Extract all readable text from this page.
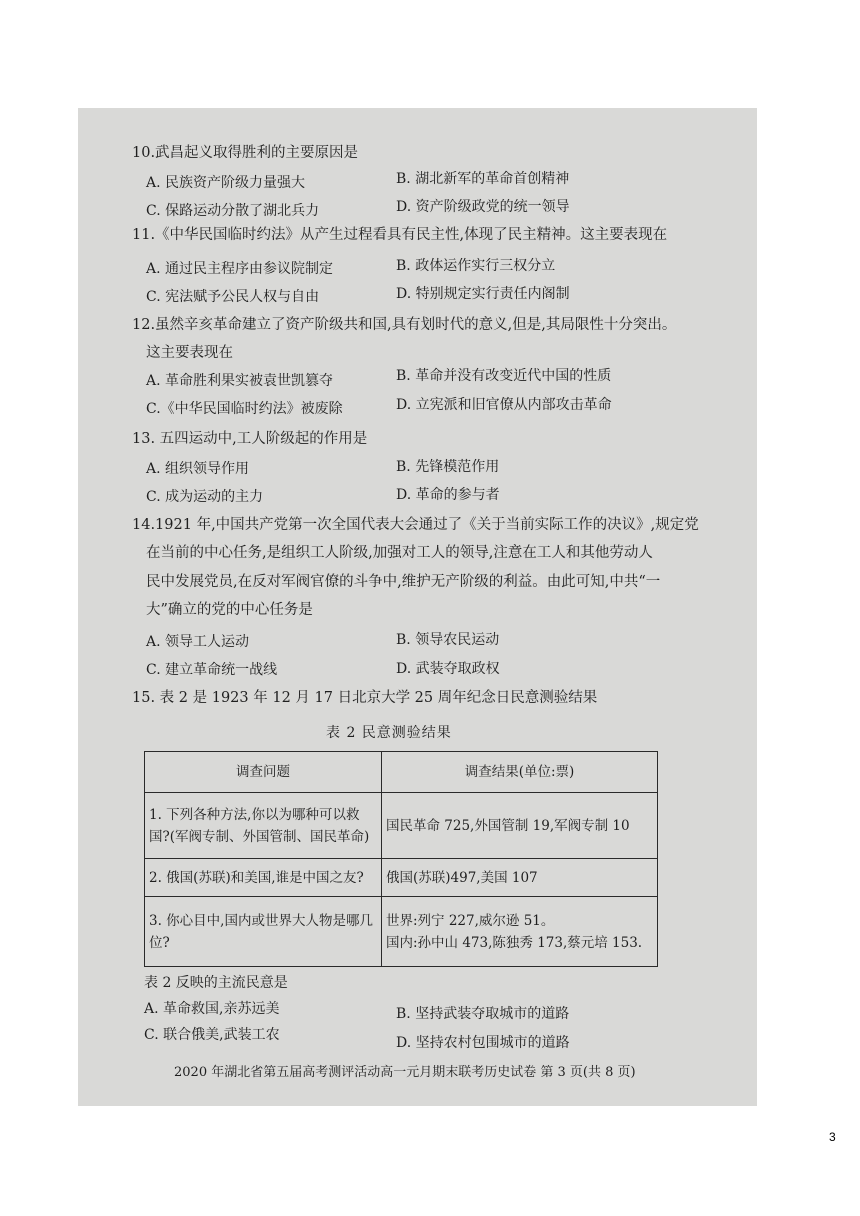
10.武昌起义取得胜利的主要原因是
A. 民族资产阶级力量强大	B. 湖北新军的革命首创精神
C. 保路运动分散了湖北兵力	D. 资产阶级政党的统一领导
11.《中华民国临时约法》从产生过程看具有民主性,体现了民主精神。这主要表现在
A. 通过民主程序由参议院制定	B. 政体运作实行三权分立
C. 宪法赋予公民人权与自由	D. 特别规定实行责任内阁制
12.虽然辛亥革命建立了资产阶级共和国,具有划时代的意义,但是,其局限性十分突出。
这主要表现在
A. 革命胜利果实被袁世凯篡夺	B. 革命并没有改变近代中国的性质
C.《中华民国临时约法》被废除	D. 立宪派和旧官僚从内部攻击革命
13. 五四运动中,工人阶级起的作用是
A. 组织领导作用	B. 先锋模范作用
C. 成为运动的主力	D. 革命的参与者
14.1921 年,中国共产党第一次全国代表大会通过了《关于当前实际工作的决议》,规定党
在当前的中心任务,是组织工人阶级,加强对工人的领导,注意在工人和其他劳动人
民中发展党员,在反对军阀官僚的斗争中,维护无产阶级的利益。由此可知,中共“一
大”确立的党的中心任务是
A. 领导工人运动	B. 领导农民运动
C. 建立革命统一战线	D. 武装夺取政权
15. 表 2 是 1923 年 12 月 17 日北京大学 25 周年纪念日民意测验结果
表 2 民意测验结果
调查问题	调查结果(单位:票)
1. 下列各种方法,你以为哪种可以救国?(军阀专制、外国管制、国民革命)	国民革命 725,外国管制 19,军阀专制 10
2. 俄国(苏联)和美国,谁是中国之友?	俄国(苏联)497,美国 107
3. 你心目中,国内或世界大人物是哪几位?	世界:列宁 227,威尔逊 51。
国内:孙中山 473,陈独秀 173,蔡元培 153.
表 2 反映的主流民意是
A. 革命救国,亲苏远美	B. 坚持武装夺取城市的道路
C. 联合俄美,武装工农	D. 坚持农村包围城市的道路
2020 年湖北省第五届高考测评活动高一元月期末联考历史试卷 第 3 页(共 8 页)
3
